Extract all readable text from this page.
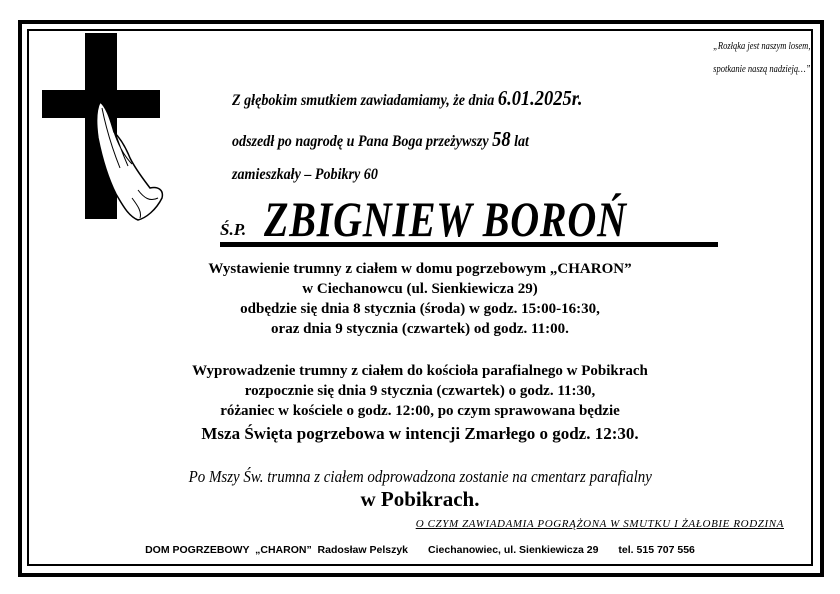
„Rozłąka jest naszym losem,
spotkanie naszą nadzieją…”
Z głębokim smutkiem zawiadamiamy, że dnia 6.01.2025r.
odszedł po nagrodę u Pana Boga przeżywszy 58 lat
zamieszkały – Pobikry 60
Ś.P. ZBIGNIEW BOROŃ
Wystawienie trumny z ciałem w domu pogrzebowym „CHARON”
w Ciechanowcu (ul. Sienkiewicza 29)
odbędzie się dnia 8 stycznia (środa) w godz. 15:00-16:30,
oraz dnia 9 stycznia (czwartek) od godz. 11:00.
Wyprowadzenie trumny z ciałem do kościoła parafialnego w Pobikrach
rozpocznie się dnia 9 stycznia (czwartek) o godz. 11:30,
różaniec w kościele o godz. 12:00, po czym sprawowana będzie
Msza Święta pogrzebowa w intencji Zmarłego o godz. 12:30.
Po Mszy Św. trumna z ciałem odprowadzona zostanie na cmentarz parafialny
w Pobikrach.
O CZYM ZAWIADAMIA POGRĄŻONA W SMUTKU I ŻAŁOBIE RODZINA
DOM POGRZEBOWY  „CHARON”  Radosław Pelszyk Ciechanowiec, ul. Sienkiewicza 29 tel. 515 707 556
